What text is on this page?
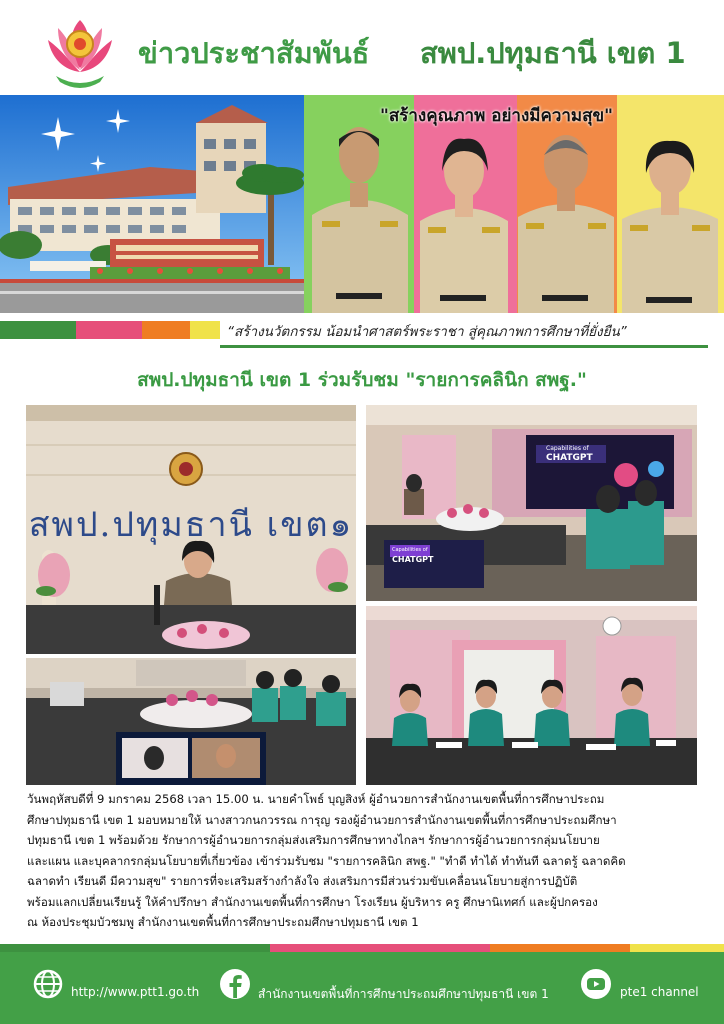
ข่าวประชาสัมพันธ์ สพป.ปทุมธานี เขต 1
"สร้างคุณภาพ อย่างมีความสุข"
“สร้างนวัตกรรม น้อมนำศาสตร์พระราชา สู่คุณภาพการศึกษาที่ยั่งยืน”
สพป.ปทุมธานี เขต 1 ร่วมรับชม "รายการคลินิก สพฐ."
สพป.ปทุมธานี เขต๑
Capabilities of
CHATGPT
Capabilities of
CHATGPT

วันพฤหัสบดีที่ 9 มกราคม 2568 เวลา 15.00 น. นายคำโพธ์ บุญสิงห์ ผู้อำนวยการสำนักงานเขตพื้นที่การศึกษาประถม

ศึกษาปทุมธานี เขต 1 มอบหมายให้ นางสาวกนกวรรณ การุญ รองผู้อำนวยการสำนักงานเขตพื้นที่การศึกษาประถมศึกษา

ปทุมธานี เขต 1 พร้อมด้วย รักษาการผู้อำนวยการกลุ่มส่งเสริมการศึกษาทางไกลฯ รักษาการผู้อำนวยการกลุ่มนโยบาย

และแผน และบุคลากรกลุ่มนโยบายที่เกี่ยวข้อง เข้าร่วมรับชม "รายการคลินิก สพฐ." "ทำดี ทำได้ ทำทันที ฉลาดรู้ ฉลาดคิด

ฉลาดทำ เรียนดี มีความสุข" รายการที่จะเสริมสร้างกำลังใจ ส่งเสริมการมีส่วนร่วมขับเคลื่อนนโยบายสู่การปฏิบัติ

พร้อมแลกเปลี่ยนเรียนรู้ ให้คำปรึกษา สำนักงานเขตพื้นที่การศึกษา โรงเรียน ผู้บริหาร ครู ศึกษานิเทศก์ และผู้ปกครอง

ณ ห้องประชุมบัวชมพู สำนักงานเขตพื้นที่การศึกษาประถมศึกษาปทุมธานี เขต 1

http://www.ptt1.go.th	สำนักงานเขตพื้นที่การศึกษาประถมศึกษาปทุมธานี เขต 1	pte1 channel
